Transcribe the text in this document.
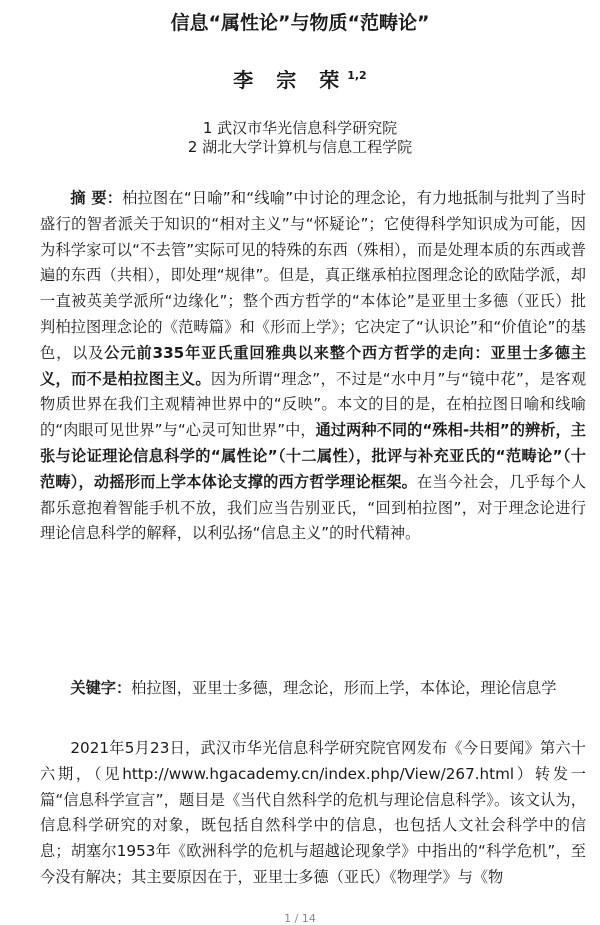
信息“属性论”与物质“范畴论”
李 宗 荣$^{1,2}$
1 武汉市华光信息科学研究院
2 湖北大学计算机与信息工程学院
摘 要：柏拉图在“日喻”和“线喻”中讨论的理念论，有力地抵制与批判了当时盛行的智者派关于知识的“相对主义”与“怀疑论”；它使得科学知识成为可能，因为科学家可以“不去管”实际可见的特殊的东西（殊相），而是处理本质的东西或普遍的东西（共相），即处理“规律”。但是，真正继承柏拉图理念论的欧陆学派，却一直被英美学派所“边缘化”；整个西方哲学的“本体论”是亚里士多德（亚氏）批判柏拉图理念论的《范畴篇》和《形而上学》；它决定了“认识论”和“价值论”的基色，以及公元前335年亚氏重回雅典以来整个西方哲学的走向：亚里士多德主义，而不是柏拉图主义。因为所谓“理念”，不过是“水中月”与“镜中花”，是客观物质世界在我们主观精神世界中的“反映”。本文的目的是，在柏拉图日喻和线喻的“肉眼可见世界”与“心灵可知世界”中，通过两种不同的“殊相-共相”的辨析，主张与论证理论信息科学的“属性论”（十二属性），批评与补充亚氏的“范畴论”（十范畴），动摇形而上学本体论支撑的西方哲学理论框架。在当今社会，几乎每个人都乐意抱着智能手机不放，我们应当告别亚氏，“回到柏拉图”，对于理念论进行理论信息科学的解释，以利弘扬“信息主义”的时代精神。
关键字：柏拉图，亚里士多德，理念论，形而上学，本体论，理论信息学
2021年5月23日，武汉市华光信息科学研究院官网发布《今日要闻》第六十六期，（见http://www.hgacademy.cn/index.php/View/267.html）转发一篇“信息科学宣言”，题目是《当代自然科学的危机与理论信息科学》。该文认为，信息科学研究的对象，既包括自然科学中的信息，也包括人文社会科学中的信息；胡塞尔1953年《欧洲科学的危机与超越论现象学》中指出的“科学危机”，至今没有解决；其主要原因在于，亚里士多德（亚氏）《物理学》与《物
1 / 14
